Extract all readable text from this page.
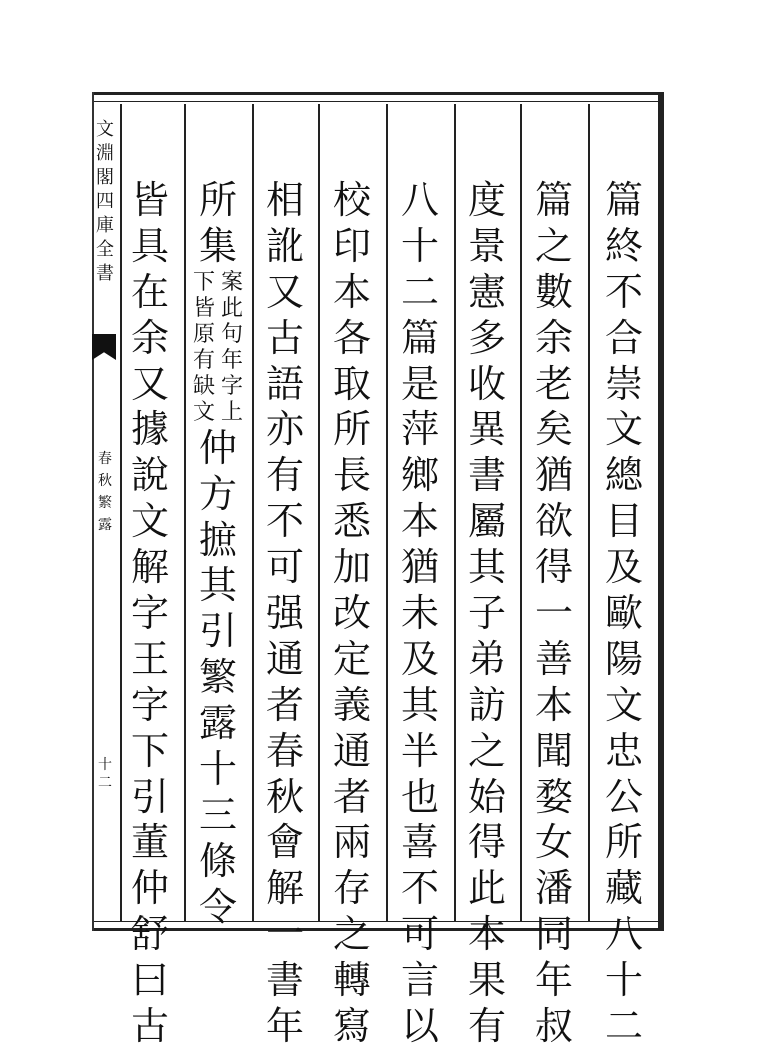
文
淵
閣
四
庫
全
書
春
秋
繁
露
十
二
篇
終
不
合
崇
文
總
目
及
歐
陽
文
忠
公
所
藏
八
十
二
篇
之
數
余
老
矣
猶
欲
得
一
善
本
聞
婺
女
潘
同
年
叔
度
景
憲
多
收
異
書
屬
其
子
弟
訪
之
始
得
此
本
果
有
八
十
二
篇
是
萍
鄉
本
猶
未
及
其
半
也
喜
不
可
言
以
校
印
本
各
取
所
長
悉
加
改
定
義
通
者
兩
存
之
轉
寫
相
訛
又
古
語
亦
有
不
可
强
通
者
春
秋
會
解
一
書
年
所
集
案
此
句
年
字
上
下
皆
原
有
缺
文
仲
方
摭
其
引
繁
露
十
三
條
令
皆
具
在
余
又
據
說
文
解
字
王
字
下
引
董
仲
舒
曰
古
